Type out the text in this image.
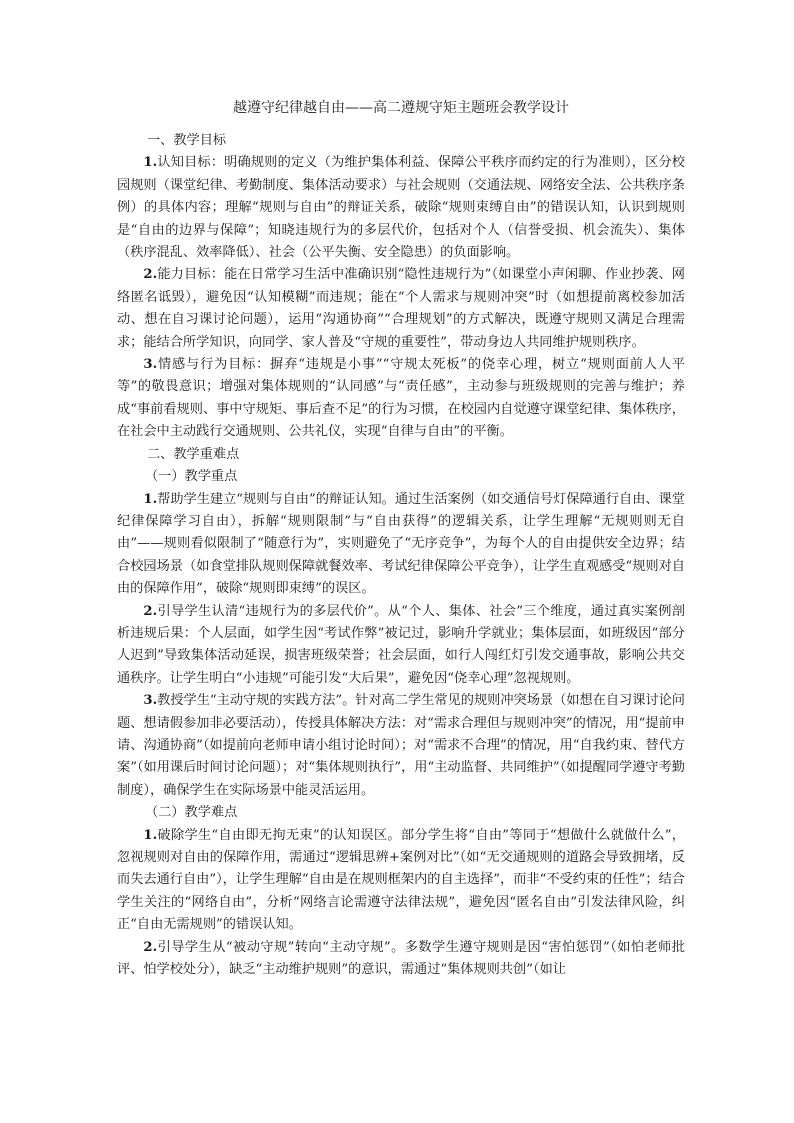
越遵守纪律越自由——高二遵规守矩主题班会教学设计
一、教学目标

1.认知目标：明确规则的定义（为维护集体利益、保障公平秩序而约定的行为准则），区分校园规则（课堂纪律、考勤制度、集体活动要求）与社会规则（交通法规、网络安全法、公共秩序条例）的具体内容；理解“规则与自由”的辩证关系，破除“规则束缚自由”的错误认知，认识到规则是“自由的边界与保障”；知晓违规行为的多层代价，包括对个人（信誉受损、机会流失）、集体（秩序混乱、效率降低）、社会（公平失衡、安全隐患）的负面影响。

2.能力目标：能在日常学习生活中准确识别“隐性违规行为”（如课堂小声闲聊、作业抄袭、网络匿名诋毁），避免因“认知模糊”而违规；能在“个人需求与规则冲突”时（如想提前离校参加活动、想在自习课讨论问题），运用“沟通协商”“合理规划”的方式解决，既遵守规则又满足合理需求；能结合所学知识，向同学、家人普及“守规的重要性”，带动身边人共同维护规则秩序。

3.情感与行为目标：摒弃“违规是小事”“守规太死板”的侥幸心理，树立“规则面前人人平等”的敬畏意识；增强对集体规则的“认同感”与“责任感”，主动参与班级规则的完善与维护；养成“事前看规则、事中守规矩、事后查不足”的行为习惯，在校园内自觉遵守课堂纪律、集体秩序，在社会中主动践行交通规则、公共礼仪，实现“自律与自由”的平衡。

二、教学重难点
（一）教学重点

1.帮助学生建立“规则与自由”的辩证认知。通过生活案例（如交通信号灯保障通行自由、课堂纪律保障学习自由），拆解“规则限制”与“自由获得”的逻辑关系，让学生理解“无规则则无自由”——规则看似限制了“随意行为”，实则避免了“无序竞争”，为每个人的自由提供安全边界；结合校园场景（如食堂排队规则保障就餐效率、考试纪律保障公平竞争），让学生直观感受“规则对自由的保障作用”，破除“规则即束缚”的误区。

2.引导学生认清“违规行为的多层代价”。从“个人、集体、社会”三个维度，通过真实案例剖析违规后果：个人层面，如学生因“考试作弊”被记过，影响升学就业；集体层面，如班级因“部分人迟到”导致集体活动延误，损害班级荣誉；社会层面，如行人闯红灯引发交通事故，影响公共交通秩序。让学生明白“小违规”可能引发“大后果”，避免因“侥幸心理”忽视规则。

3.教授学生“主动守规的实践方法”。针对高二学生常见的规则冲突场景（如想在自习课讨论问题、想请假参加非必要活动），传授具体解决方法：对“需求合理但与规则冲突”的情况，用“提前申请、沟通协商”（如提前向老师申请小组讨论时间）；对“需求不合理”的情况，用“自我约束、替代方案”（如用课后时间讨论问题）；对“集体规则执行”，用“主动监督、共同维护”（如提醒同学遵守考勤制度），确保学生在实际场景中能灵活运用。

（二）教学难点

1.破除学生“自由即无拘无束”的认知误区。部分学生将“自由”等同于“想做什么就做什么”，忽视规则对自由的保障作用，需通过“逻辑思辨+案例对比”（如“无交通规则的道路会导致拥堵，反而失去通行自由”），让学生理解“自由是在规则框架内的自主选择”，而非“不受约束的任性”；结合学生关注的“网络自由”，分析“网络言论需遵守法律法规”，避免因“匿名自由”引发法律风险，纠正“自由无需规则”的错误认知。

2.引导学生从“被动守规”转向“主动守规”。多数学生遵守规则是因“害怕惩罚”（如怕老师批评、怕学校处分），缺乏“主动维护规则”的意识，需通过“集体规则共创”（如让
